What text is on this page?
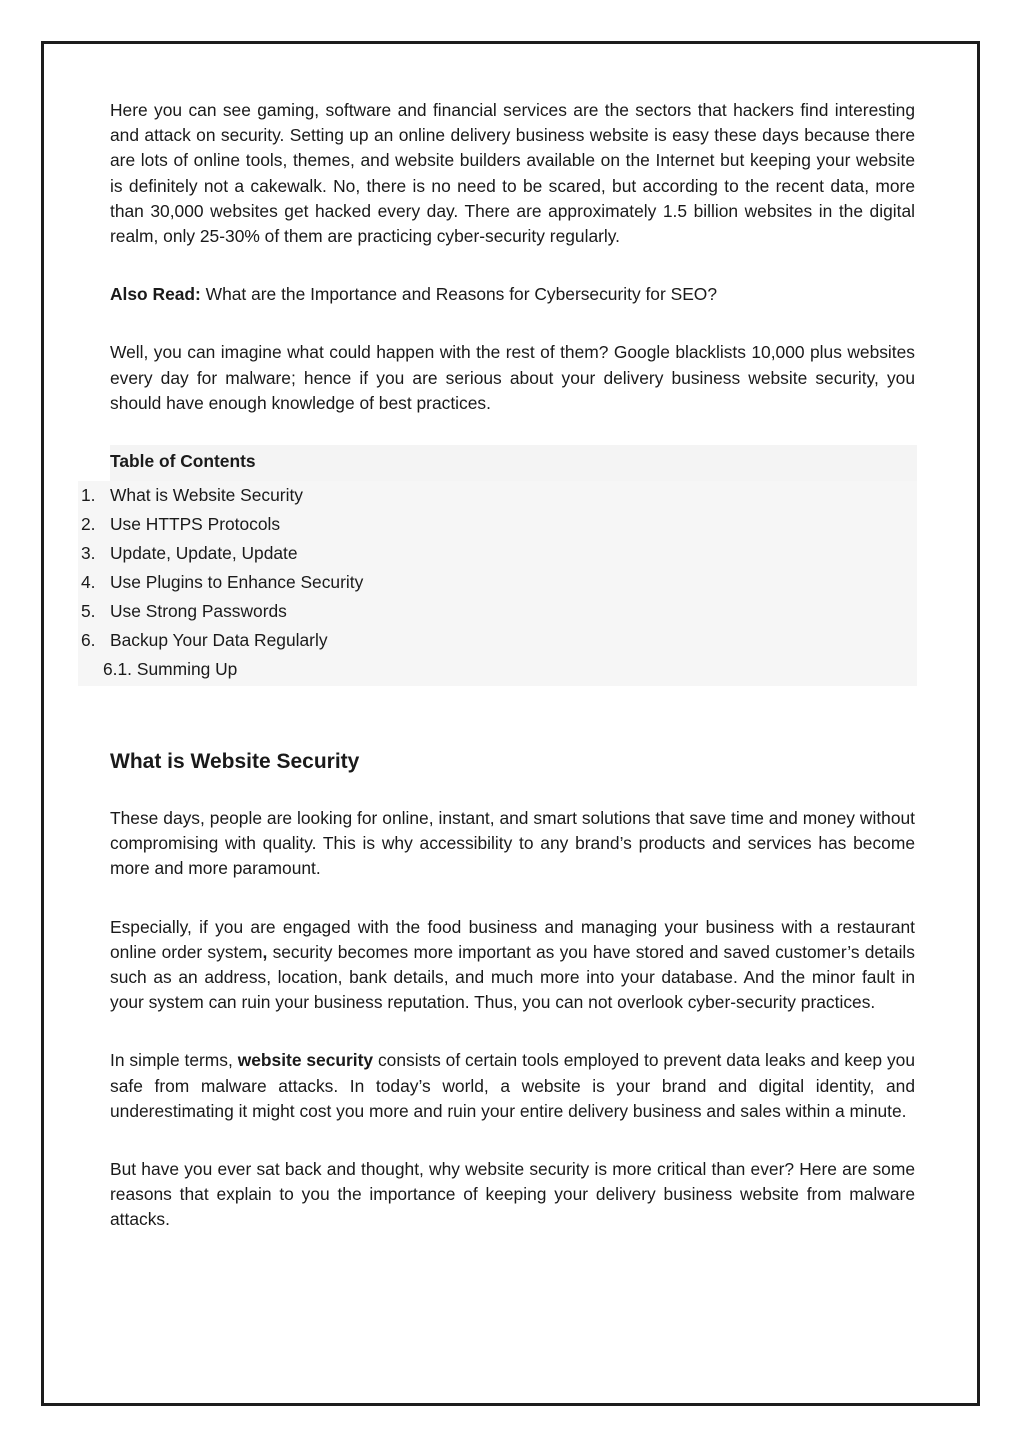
Here you can see gaming, software and financial services are the sectors that hackers find interesting and attack on security. Setting up an online delivery business website is easy these days because there are lots of online tools, themes, and website builders available on the Internet but keeping your website is definitely not a cakewalk. No, there is no need to be scared, but according to the recent data, more than 30,000 websites get hacked every day. There are approximately 1.5 billion websites in the digital realm, only 25-30% of them are practicing cyber-security regularly.

Also Read: What are the Importance and Reasons for Cybersecurity for SEO?

Well, you can imagine what could happen with the rest of them? Google blacklists 10,000 plus websites every day for malware; hence if you are serious about your delivery business website security, you should have enough knowledge of best practices.

Table of Contents
1. What is Website Security
2. Use HTTPS Protocols
3. Update, Update, Update
4. Use Plugins to Enhance Security
5. Use Strong Passwords
6. Backup Your Data Regularly
6.1. Summing Up
What is Website Security

These days, people are looking for online, instant, and smart solutions that save time and money without compromising with quality. This is why accessibility to any brand’s products and services has become more and more paramount.

Especially, if you are engaged with the food business and managing your business with a restaurant online order system, security becomes more important as you have stored and saved customer’s details such as an address, location, bank details, and much more into your database. And the minor fault in your system can ruin your business reputation. Thus, you can not overlook cyber-security practices.

In simple terms, website security consists of certain tools employed to prevent data leaks and keep you safe from malware attacks. In today’s world, a website is your brand and digital identity, and underestimating it might cost you more and ruin your entire delivery business and sales within a minute.

But have you ever sat back and thought, why website security is more critical than ever? Here are some reasons that explain to you the importance of keeping your delivery business website from malware attacks.
